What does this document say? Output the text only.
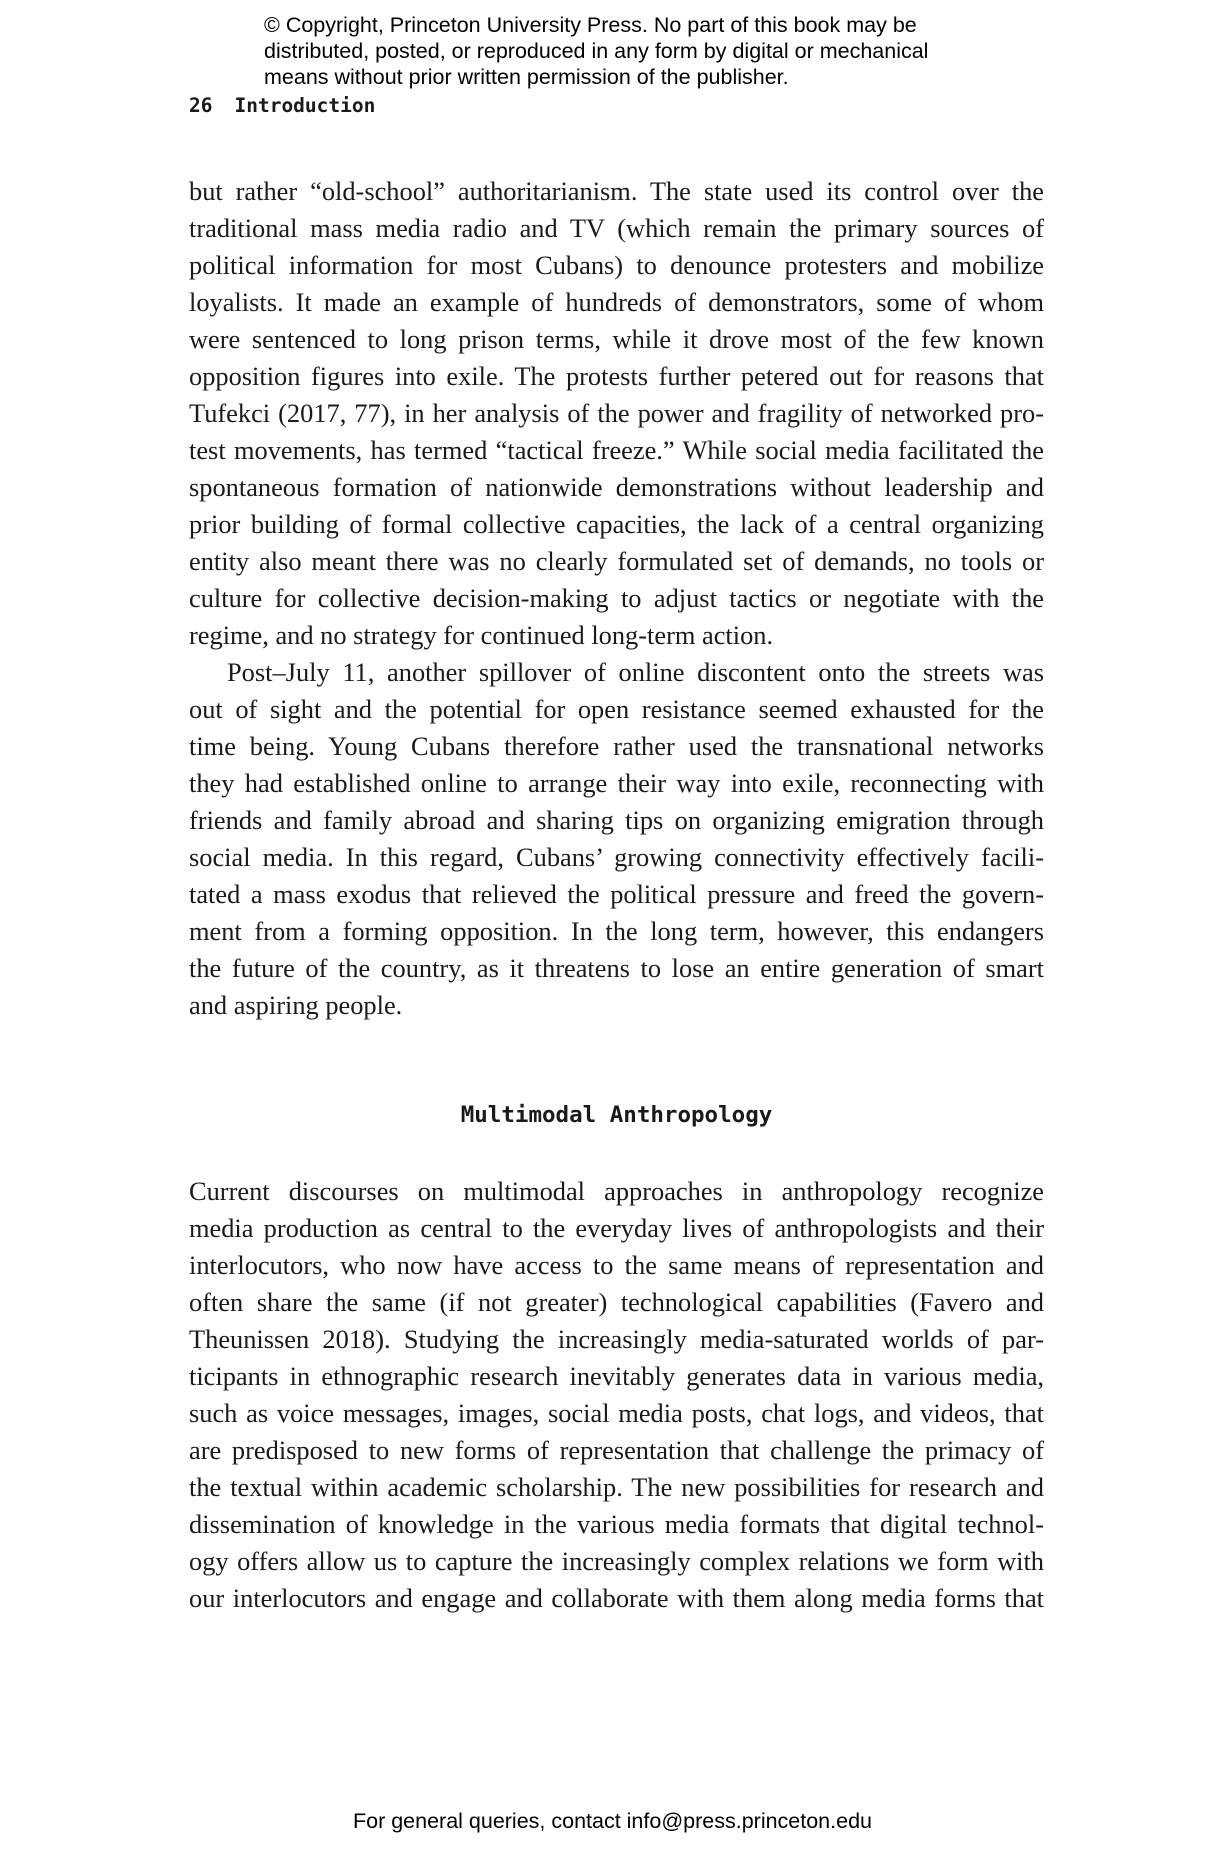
© Copyright, Princeton University Press. No part of this book may be
distributed, posted, or reproduced in any form by digital or mechanical
means without prior written permission of the publisher.
26 Introduction
but rather “old-school” authoritarianism. The state used its control over the
traditional mass media radio and TV (which remain the primary sources of
political information for most Cubans) to denounce protesters and mobilize
loyalists. It made an example of hundreds of demonstrators, some of whom
were sentenced to long prison terms, while it drove most of the few known
opposition figures into exile. The protests further petered out for reasons that
Tufekci (2017, 77), in her analysis of the power and fragility of networked pro-
test movements, has termed “tactical freeze.” While social media facilitated the
spontaneous formation of nationwide demonstrations without leadership and
prior building of formal collective capacities, the lack of a central organizing
entity also meant there was no clearly formulated set of demands, no tools or
culture for collective decision-making to adjust tactics or negotiate with the
regime, and no strategy for continued long-term action.
Post–July 11, another spillover of online discontent onto the streets was
out of sight and the potential for open resistance seemed exhausted for the
time being. Young Cubans therefore rather used the transnational networks
they had established online to arrange their way into exile, reconnecting with
friends and family abroad and sharing tips on organizing emigration through
social media. In this regard, Cubans’ growing connectivity effectively facili-
tated a mass exodus that relieved the political pressure and freed the govern-
ment from a forming opposition. In the long term, however, this endangers
the future of the country, as it threatens to lose an entire generation of smart
and aspiring people.
Multimodal Anthropology
Current discourses on multimodal approaches in anthropology recognize
media production as central to the everyday lives of anthropologists and their
interlocutors, who now have access to the same means of representation and
often share the same (if not greater) technological capabilities (Favero and
Theunissen 2018). Studying the increasingly media-saturated worlds of par-
ticipants in ethnographic research inevitably generates data in various media,
such as voice messages, images, social media posts, chat logs, and videos, that
are predisposed to new forms of representation that challenge the primacy of
the textual within academic scholarship. The new possibilities for research and
dissemination of knowledge in the various media formats that digital technol-
ogy offers allow us to capture the increasingly complex relations we form with
our interlocutors and engage and collaborate with them along media forms that
For general queries, contact info@press.princeton.edu
